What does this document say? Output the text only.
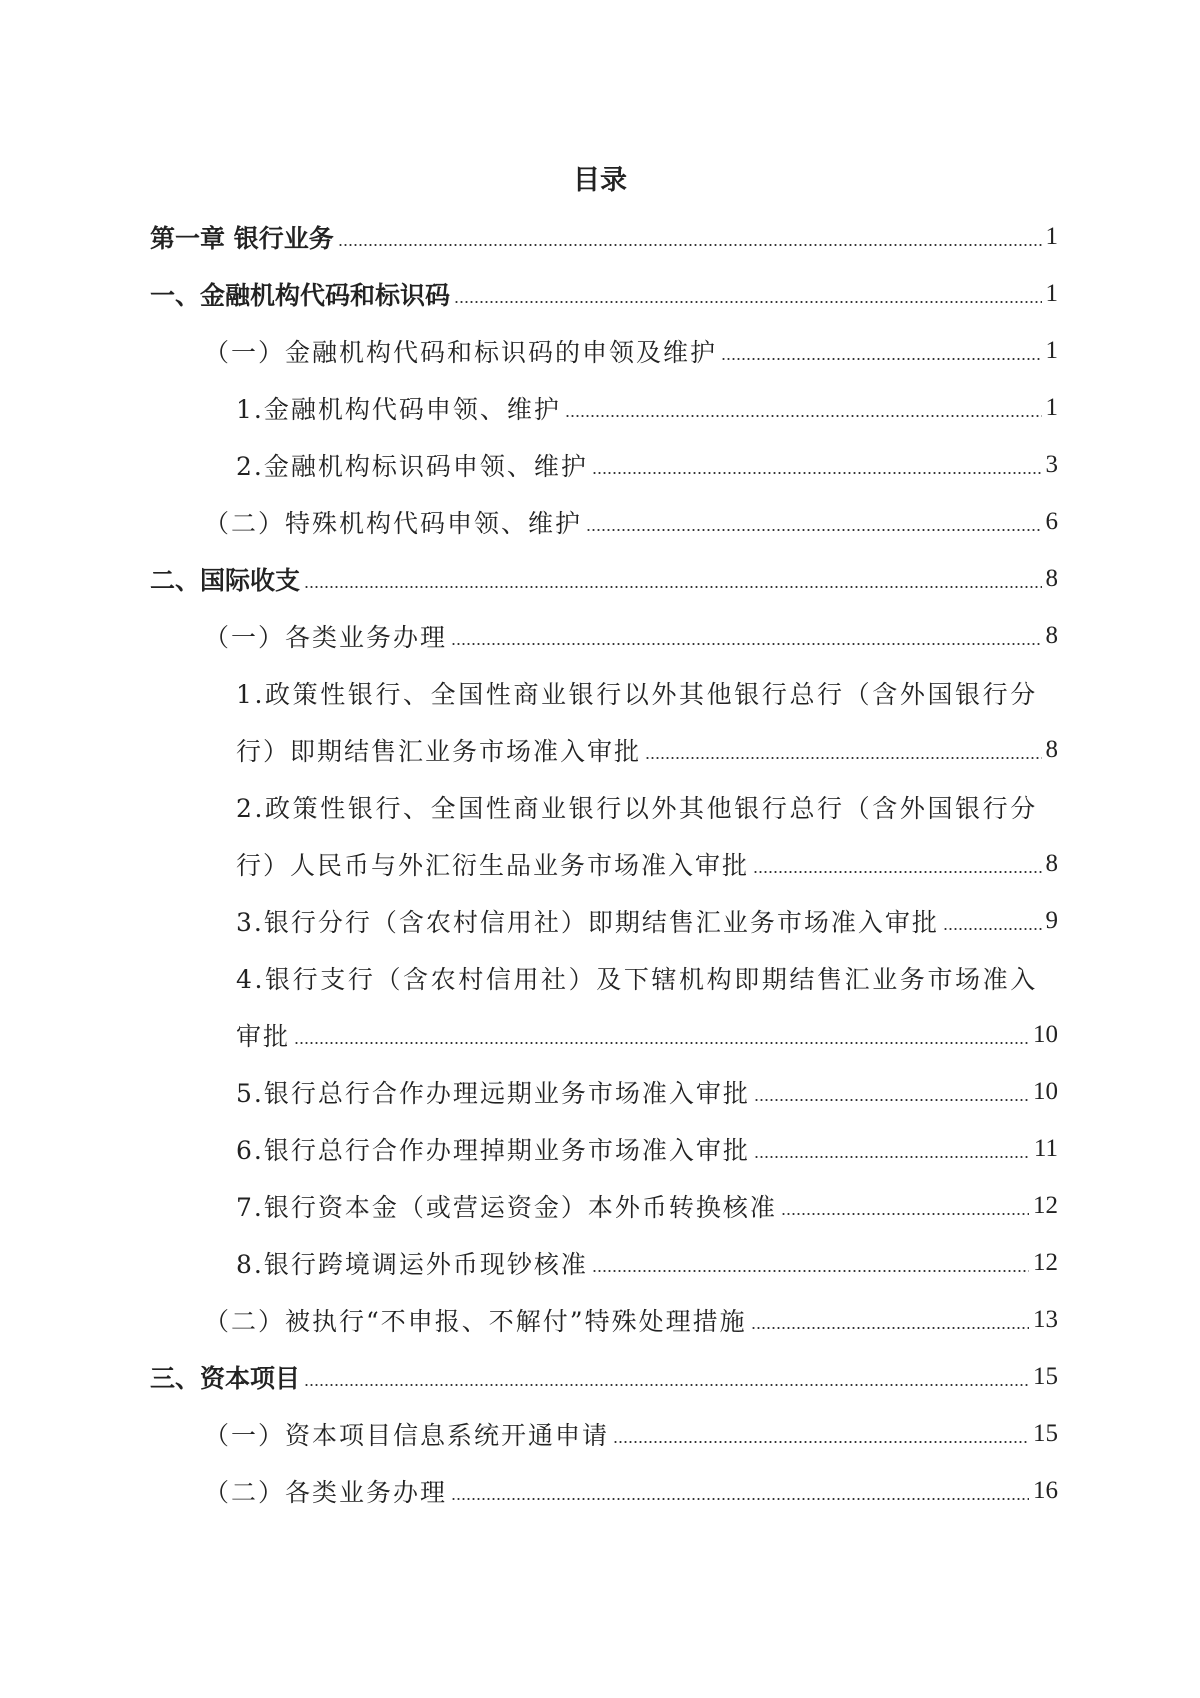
目录
第一章 银行业务	1
一、金融机构代码和标识码	1
（一）金融机构代码和标识码的申领及维护	1
1.金融机构代码申领、维护	1
2.金融机构标识码申领、维护	3
（二）特殊机构代码申领、维护	6
二、国际收支	8
（一）各类业务办理	8
1.政策性银行、全国性商业银行以外其他银行总行（含外国银行分
行）即期结售汇业务市场准入审批	8
2.政策性银行、全国性商业银行以外其他银行总行（含外国银行分
行）人民币与外汇衍生品业务市场准入审批	8
3.银行分行（含农村信用社）即期结售汇业务市场准入审批	9
4.银行支行（含农村信用社）及下辖机构即期结售汇业务市场准入
审批	10
5.银行总行合作办理远期业务市场准入审批	10
6.银行总行合作办理掉期业务市场准入审批	11
7.银行资本金（或营运资金）本外币转换核准	12
8.银行跨境调运外币现钞核准	12
（二）被执行“不申报、不解付”特殊处理措施	13
三、资本项目	15
（一）资本项目信息系统开通申请	15
（二）各类业务办理	16
